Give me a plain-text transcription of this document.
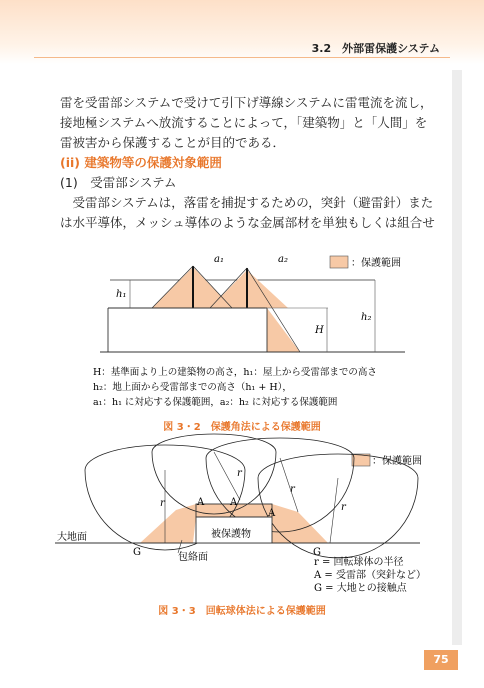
3.2　外部雷保護システム
雷を受雷部システムで受けて引下げ導線システムに雷電流を流し，
接地極システムへ放流することによって，「建築物」と「人間」を
雷被害から保護することが目的である．
(ii) 建築物等の保護対象範囲
(1)　受雷部システム
　受雷部システムは，落雷を捕捉するための，突針（避雷針）また
は水平導体，メッシュ導体のような金属部材を単独もしくは組合せ
：保護範囲
a₁	a₂
h₁
H
h₂
H：基準面より上の建築物の高さ，h₁：屋上から受雷部までの高さ
h₂：地上面から受雷部までの高さ（h₁ + H），
a₁：h₁ に対応する保護範囲，a₂：h₂ に対応する保護範囲
図 3・2　保護角法による保護範囲
：保護範囲
r
r
r
r
A	A
A
G	G
大地面	被保護物
包絡面	r = 回転球体の半径
A = 受雷部（突針など）
G = 大地との接触点
図 3・3　回転球体法による保護範囲
75
